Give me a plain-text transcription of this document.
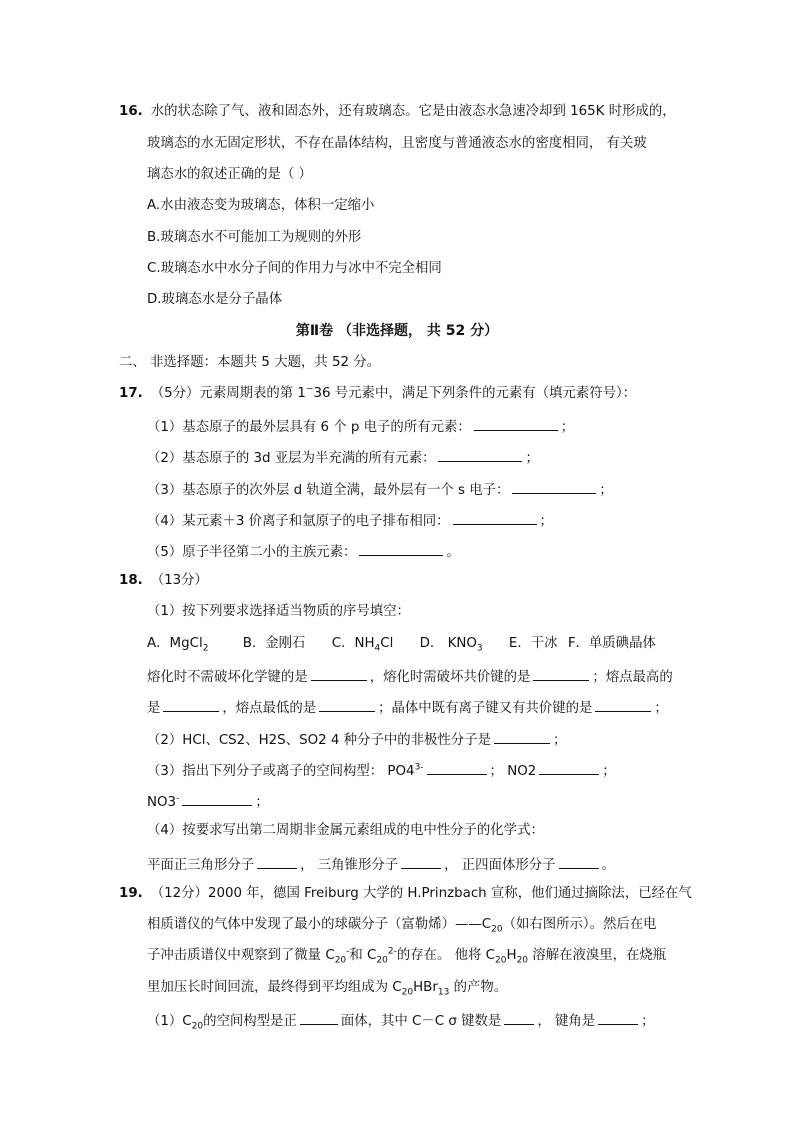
16. 水的状态除了气、液和固态外，还有玻璃态。它是由液态水急速冷却到 165K 时形成的，
玻璃态的水无固定形状，不存在晶体结构，且密度与普通液态水的密度相同， 有关玻
璃态水的叙述正确的是（ ）
A.水由液态变为玻璃态，体积一定缩小
B.玻璃态水不可能加工为规则的外形
C.玻璃态水中水分子间的作用力与冰中不完全相同
D.玻璃态水是分子晶体
第Ⅱ卷 （非选择题， 共 52 分）
二、 非选择题：本题共 5 大题，共 52 分。
17. （5分）元素周期表的第 1~36 号元素中，满足下列条件的元素有（填元素符号）：
（1）基态原子的最外层具有 6 个 p 电子的所有元素：	；
（2）基态原子的 3d 亚层为半充满的所有元素：	；
（3）基态原子的次外层 d 轨道全满，最外层有一个 s 电子：	；
（4）某元素＋3 价离子和氩原子的电子排布相同：	；
（5）原子半径第二小的主族元素：	。
18. （13分）
（1）按下列要求选择适当物质的序号填空：
A．MgCl$_2$	B．金刚石 C．$NH_4Cl$ D． $KNO_3$ E．干冰 F．单质碘晶体
熔化时不需破坏化学键的是	，熔化时需破坏共价键的是	；熔点最高的
是	，熔点最低的是	；晶体中既有离子键又有共价键的是	；
（2）HCl、CS2、H2S、SO2 4 种分子中的非极性分子是	；
（3）指出下列分子或离子的空间构型： $PO4^{3-}$	； NO2	；
NO3-	；
（4）按要求写出第二周期非金属元素组成的电中性分子的化学式：
平面正三角形分子	， 三角锥形分子	， 正四面体形分子	。
19. （12分）2000 年，德国 Freiburg 大学的 H.Prinzbach 宣称，他们通过摘除法，已经在气
相质谱仪的气体中发现了最小的球碳分子（富勒烯）$——C_{20}$（如右图所示）。然后在电
子冲击质谱仪中观察到了微量 $C_{20}^-$和 $C_{20}^{2-}$的存在。 他将 $C_{20}H_{20}$ 溶解在液溴里，在烧瓶
里加压长时间回流，最终得到平均组成为 $C_{20}HBr_{13}$ 的产物。
$(1)C_{20}$的空间构型是正	面体，其中 C－C σ 键数是	， 键角是	；
